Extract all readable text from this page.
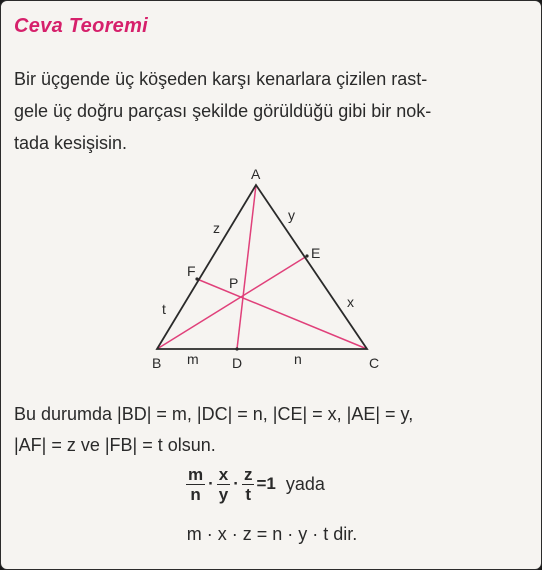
Ceva Teoremi
Bir üçgende üç köşeden karşı kenarlara çizilen rast-
gele üç doğru parçası şekilde görüldüğü gibi bir nok-
tada kesişisin.
A
B	C
D
E
F
P
z
y
t	x
m	n
Bu durumda |BD| = m, |DC| = n, |CE| = x, |AE| = y,
|AF| = z ve |FB| = t olsun.
$\frac{m}{n} \cdot \frac{x}{y} \cdot \frac{z}{t} =1$ yada
m · x · z = n · y · t dir.
